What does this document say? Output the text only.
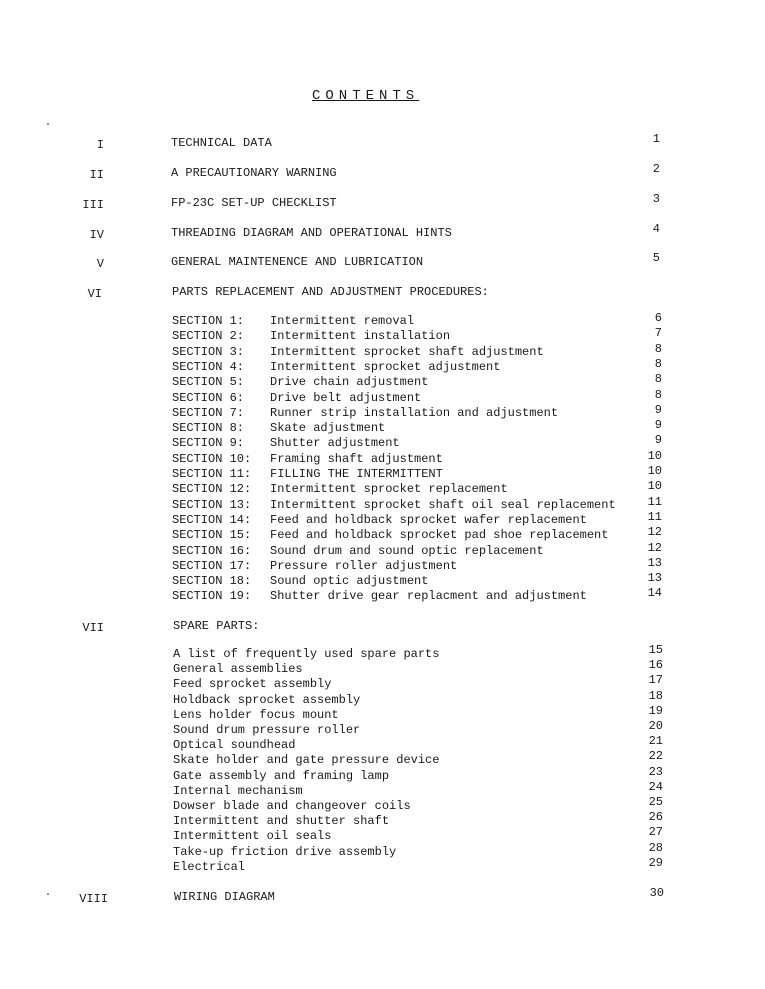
CONTENTS
I	TECHNICAL DATA	1
II	A PRECAUTIONARY WARNING	2
III	FP-23C SET-UP CHECKLIST	3
IV	THREADING DIAGRAM AND OPERATIONAL HINTS	4
V	GENERAL MAINTENENCE AND LUBRICATION	5
VI	PARTS REPLACEMENT AND ADJUSTMENT PROCEDURES:
SECTION 1: Intermittent removal	6
SECTION 2: Intermittent installation	7
SECTION 3: Intermittent sprocket shaft adjustment	8
SECTION 4: Intermittent sprocket adjustment	8
SECTION 5: Drive chain adjustment	8
SECTION 6: Drive belt adjustment	8
SECTION 7: Runner strip installation and adjustment	9
SECTION 8: Skate adjustment	9
SECTION 9: Shutter adjustment	9
SECTION 10: Framing shaft adjustment	10
SECTION 11: FILLING THE INTERMITTENT	10
SECTION 12: Intermittent sprocket replacement	10
SECTION 13: Intermittent sprocket shaft oil seal replacement	11
SECTION 14: Feed and holdback sprocket wafer replacement	11
SECTION 15: Feed and holdback sprocket pad shoe replacement	12
SECTION 16: Sound drum and sound optic replacement	12
SECTION 17: Pressure roller adjustment	13
SECTION 18: Sound optic adjustment	13
SECTION 19: Shutter drive gear replacment and adjustment	14
VII	SPARE PARTS:
A list of frequently used spare parts	15
General assemblies	16
Feed sprocket assembly	17
Holdback sprocket assembly	18
Lens holder focus mount	19
Sound drum pressure roller	20
Optical soundhead	21
Skate holder and gate pressure device	22
Gate assembly and framing lamp	23
Internal mechanism	24
Dowser blade and changeover coils	25
Intermittent and shutter shaft	26
Intermittent oil seals	27
Take-up friction drive assembly	28
Electrical	29
VIII	WIRING DIAGRAM	30
